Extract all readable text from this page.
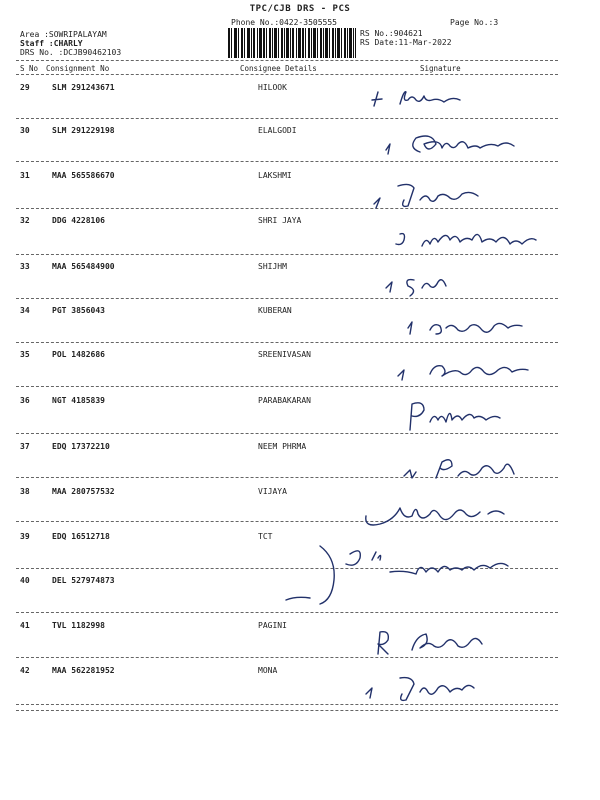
TPC/CJB DRS - PCS
Phone No.:0422-3505555	Page No.:3
Area :SOWRIPALAYAM
Staff :CHARLY
DRS No. :DCJB90462103
RS No.:904621
RS Date:11-Mar-2022
S No Consignment No	Consignee Details	Signature
29	SLM 291243671	HILOOK
30	SLM 291229198	ELALGODI
31	MAA 565586670	LAKSHMI
32	DDG 4228106	SHRI JAYA
33	MAA 565484900	SHIJHM
34	PGT 3856043	KUBERAN
35	POL 1482686	SREENIVASAN
36	NGT 4185839	PARABAKARAN
37	EDQ 17372210	NEEM PHRMA
38	MAA 280757532	VIJAYA
39	EDQ 16512718	TCT
40	DEL 527974873
41	TVL 1182998	PAGINI
42	MAA 562281952	MONA
